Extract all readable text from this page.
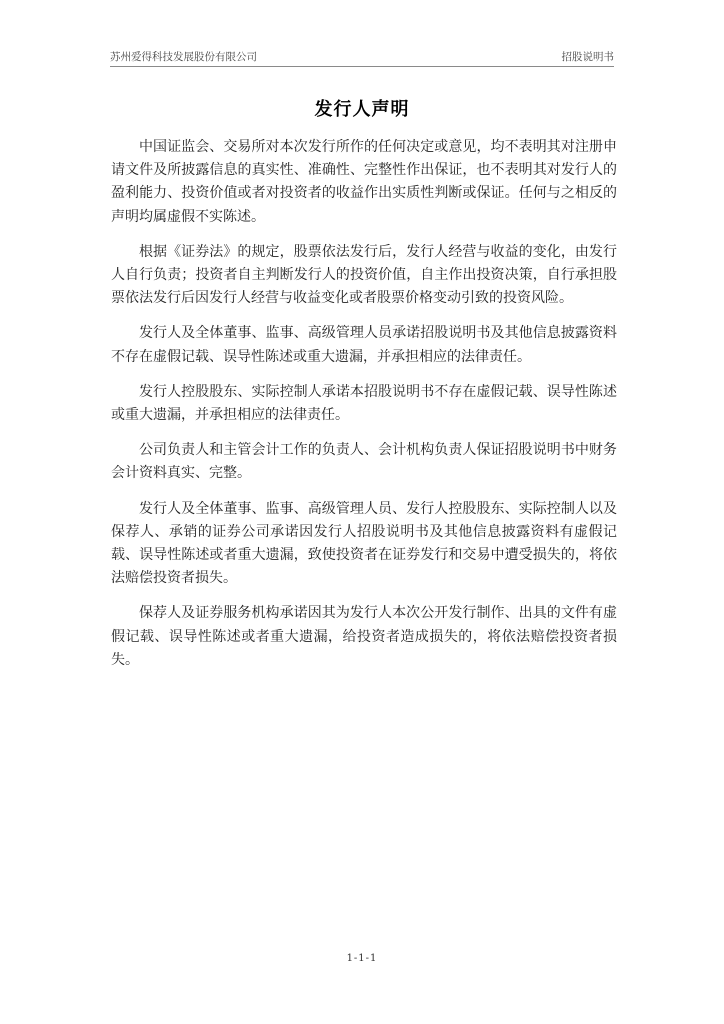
苏州爱得科技发展股份有限公司	招股说明书
发行人声明

中国证监会、交易所对本次发行所作的任何决定或意见，均不表明其对注册申请文件及所披露信息的真实性、准确性、完整性作出保证，也不表明其对发行人的盈利能力、投资价值或者对投资者的收益作出实质性判断或保证。任何与之相反的声明均属虚假不实陈述。

根据《证券法》的规定，股票依法发行后，发行人经营与收益的变化，由发行人自行负责；投资者自主判断发行人的投资价值，自主作出投资决策，自行承担股票依法发行后因发行人经营与收益变化或者股票价格变动引致的投资风险。

发行人及全体董事、监事、高级管理人员承诺招股说明书及其他信息披露资料不存在虚假记载、误导性陈述或重大遗漏，并承担相应的法律责任。

发行人控股股东、实际控制人承诺本招股说明书不存在虚假记载、误导性陈述或重大遗漏，并承担相应的法律责任。

公司负责人和主管会计工作的负责人、会计机构负责人保证招股说明书中财务会计资料真实、完整。

发行人及全体董事、监事、高级管理人员、发行人控股股东、实际控制人以及保荐人、承销的证券公司承诺因发行人招股说明书及其他信息披露资料有虚假记载、误导性陈述或者重大遗漏，致使投资者在证券发行和交易中遭受损失的，将依法赔偿投资者损失。

保荐人及证券服务机构承诺因其为发行人本次公开发行制作、出具的文件有虚假记载、误导性陈述或者重大遗漏，给投资者造成损失的，将依法赔偿投资者损失。

1-1-1
